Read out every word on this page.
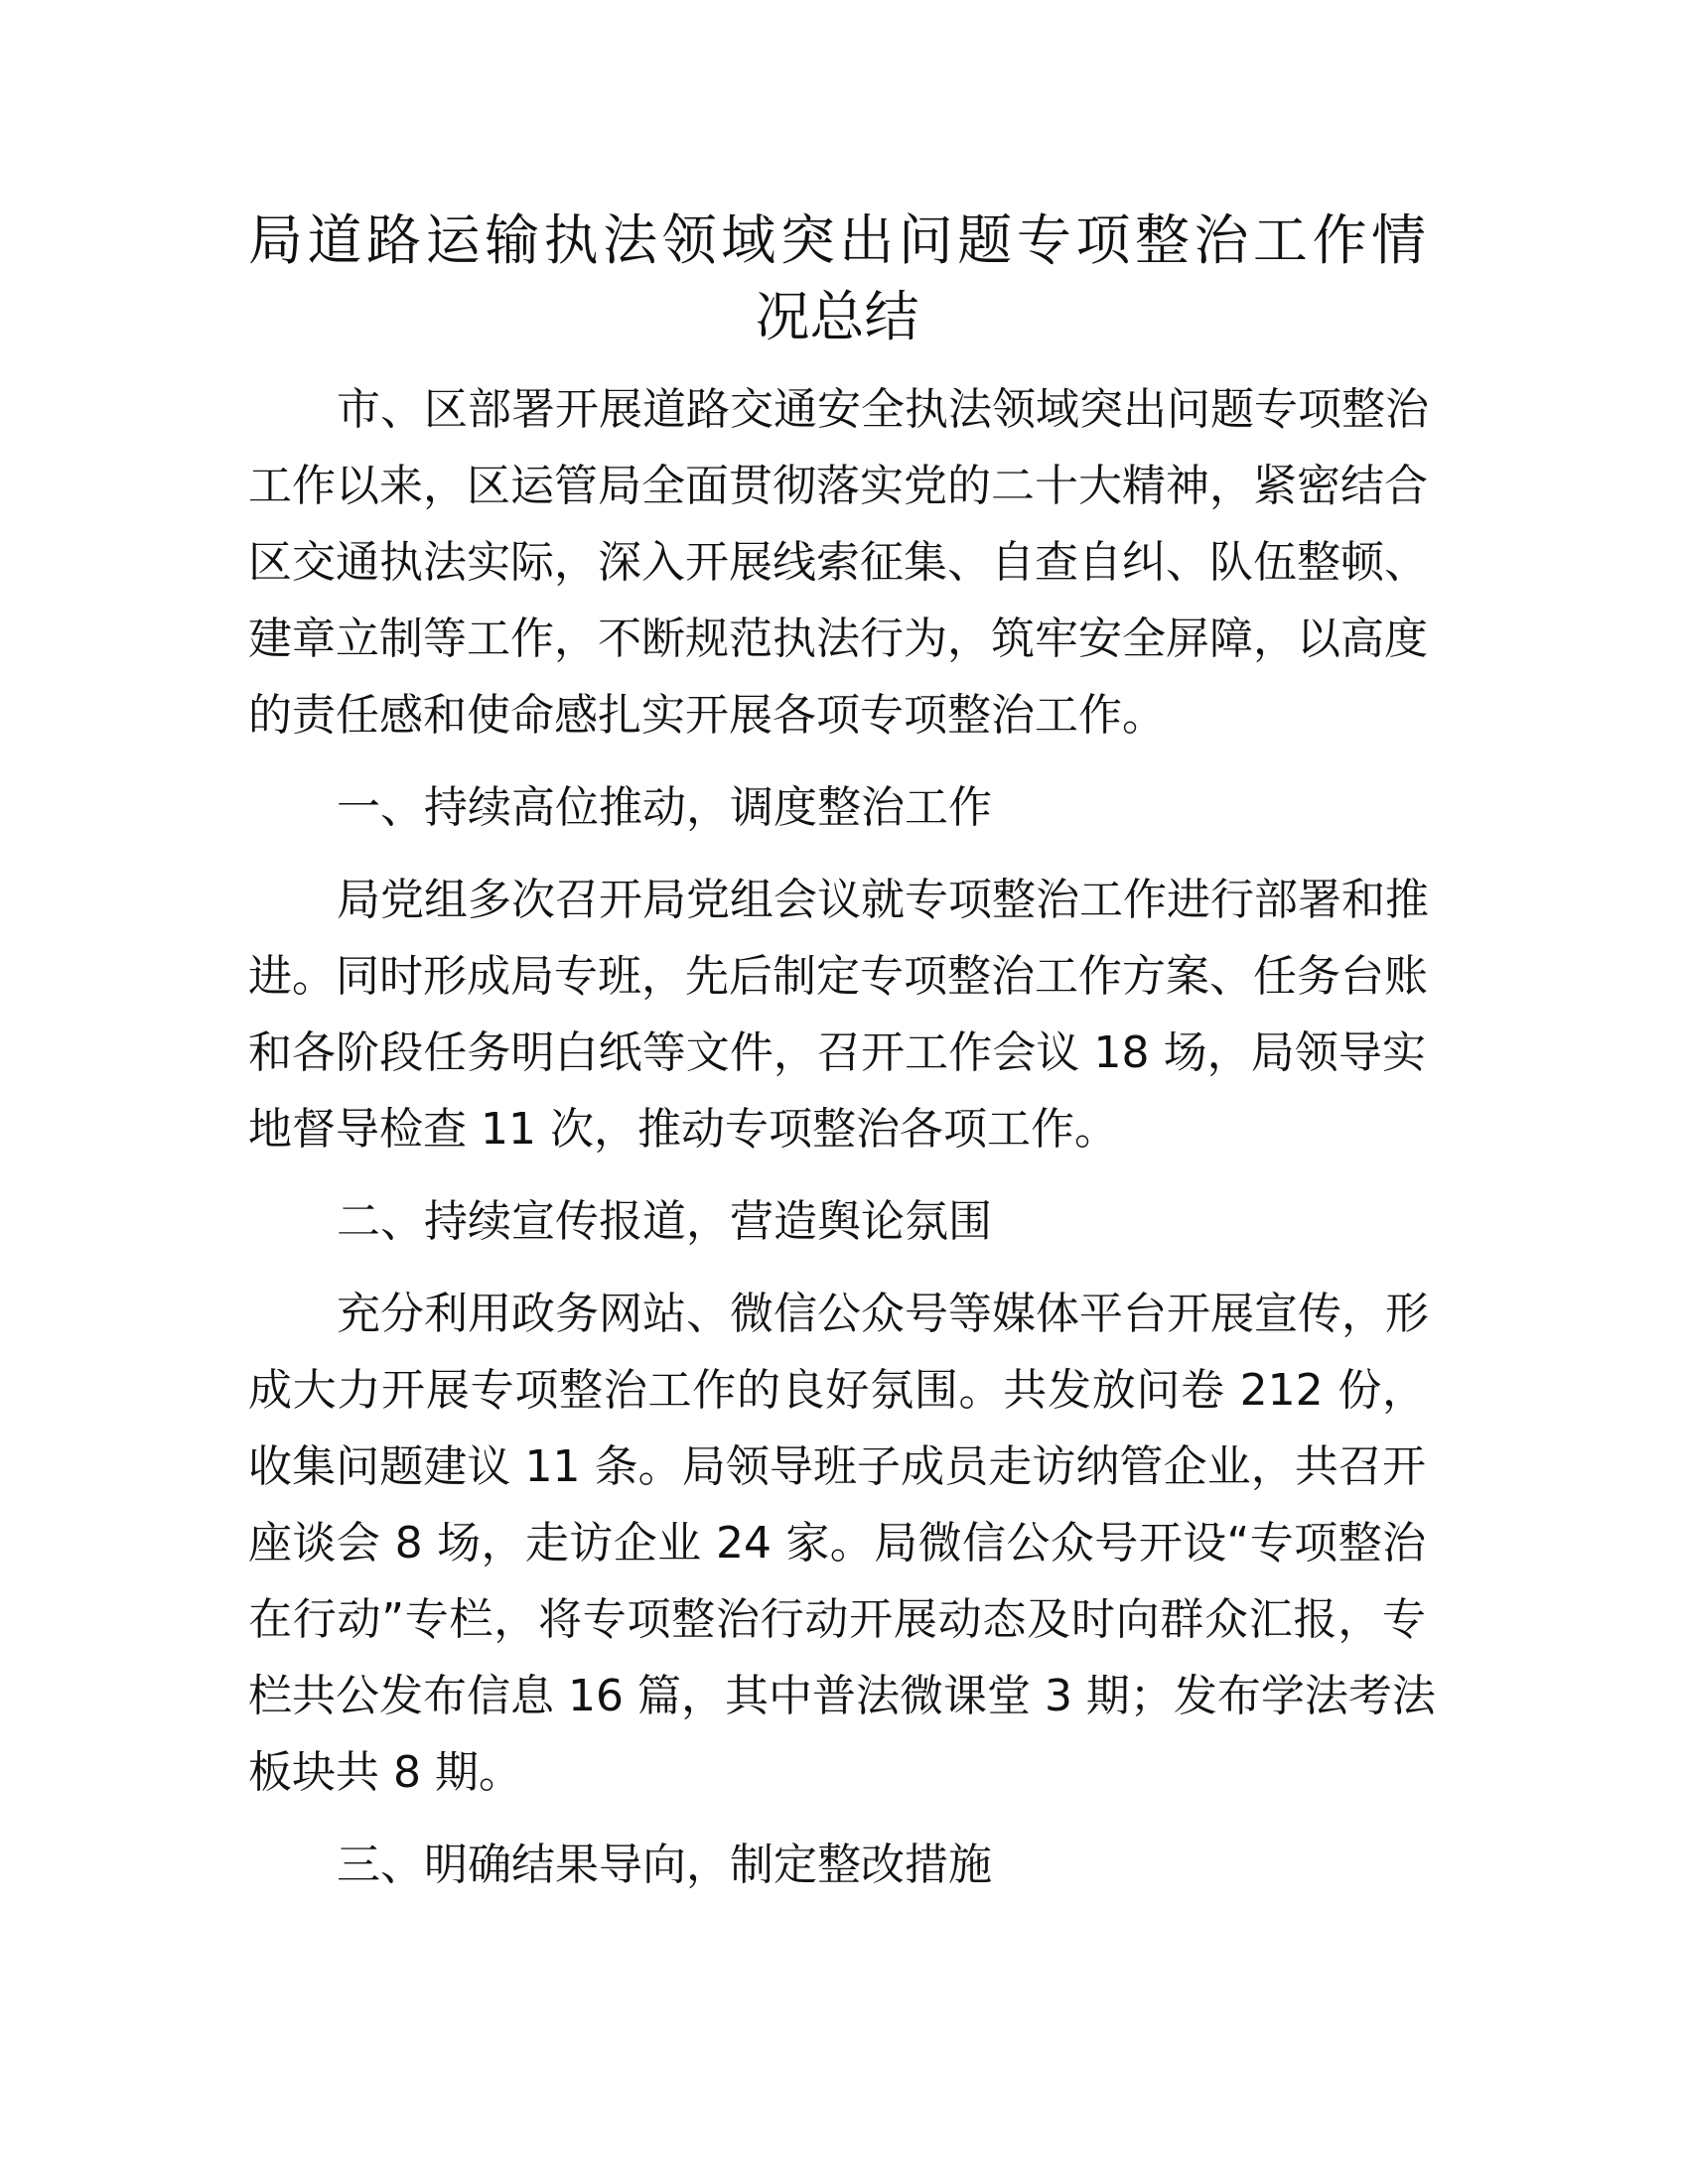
局道路运输执法领域突出问题专项整治工作情
况总结
市、区部署开展道路交通安全执法领域突出问题专项整治
工作以来，区运管局全面贯彻落实党的二十大精神，紧密结合
区交通执法实际，深入开展线索征集、自查自纠、队伍整顿、
建章立制等工作，不断规范执法行为，筑牢安全屏障，以高度
的责任感和使命感扎实开展各项专项整治工作。
一、持续高位推动，调度整治工作
局党组多次召开局党组会议就专项整治工作进行部署和推
进。同时形成局专班，先后制定专项整治工作方案、任务台账
和各阶段任务明白纸等文件，召开工作会议 18 场，局领导实
地督导检查 11 次，推动专项整治各项工作。
二、持续宣传报道，营造舆论氛围
充分利用政务网站、微信公众号等媒体平台开展宣传，形
成大力开展专项整治工作的良好氛围。共发放问卷 212 份，
收集问题建议 11 条。局领导班子成员走访纳管企业，共召开
座谈会 8 场，走访企业 24 家。局微信公众号开设“专项整治
在行动”专栏，将专项整治行动开展动态及时向群众汇报，专
栏共公发布信息 16 篇，其中普法微课堂 3 期；发布学法考法
板块共 8 期。
三、明确结果导向，制定整改措施
